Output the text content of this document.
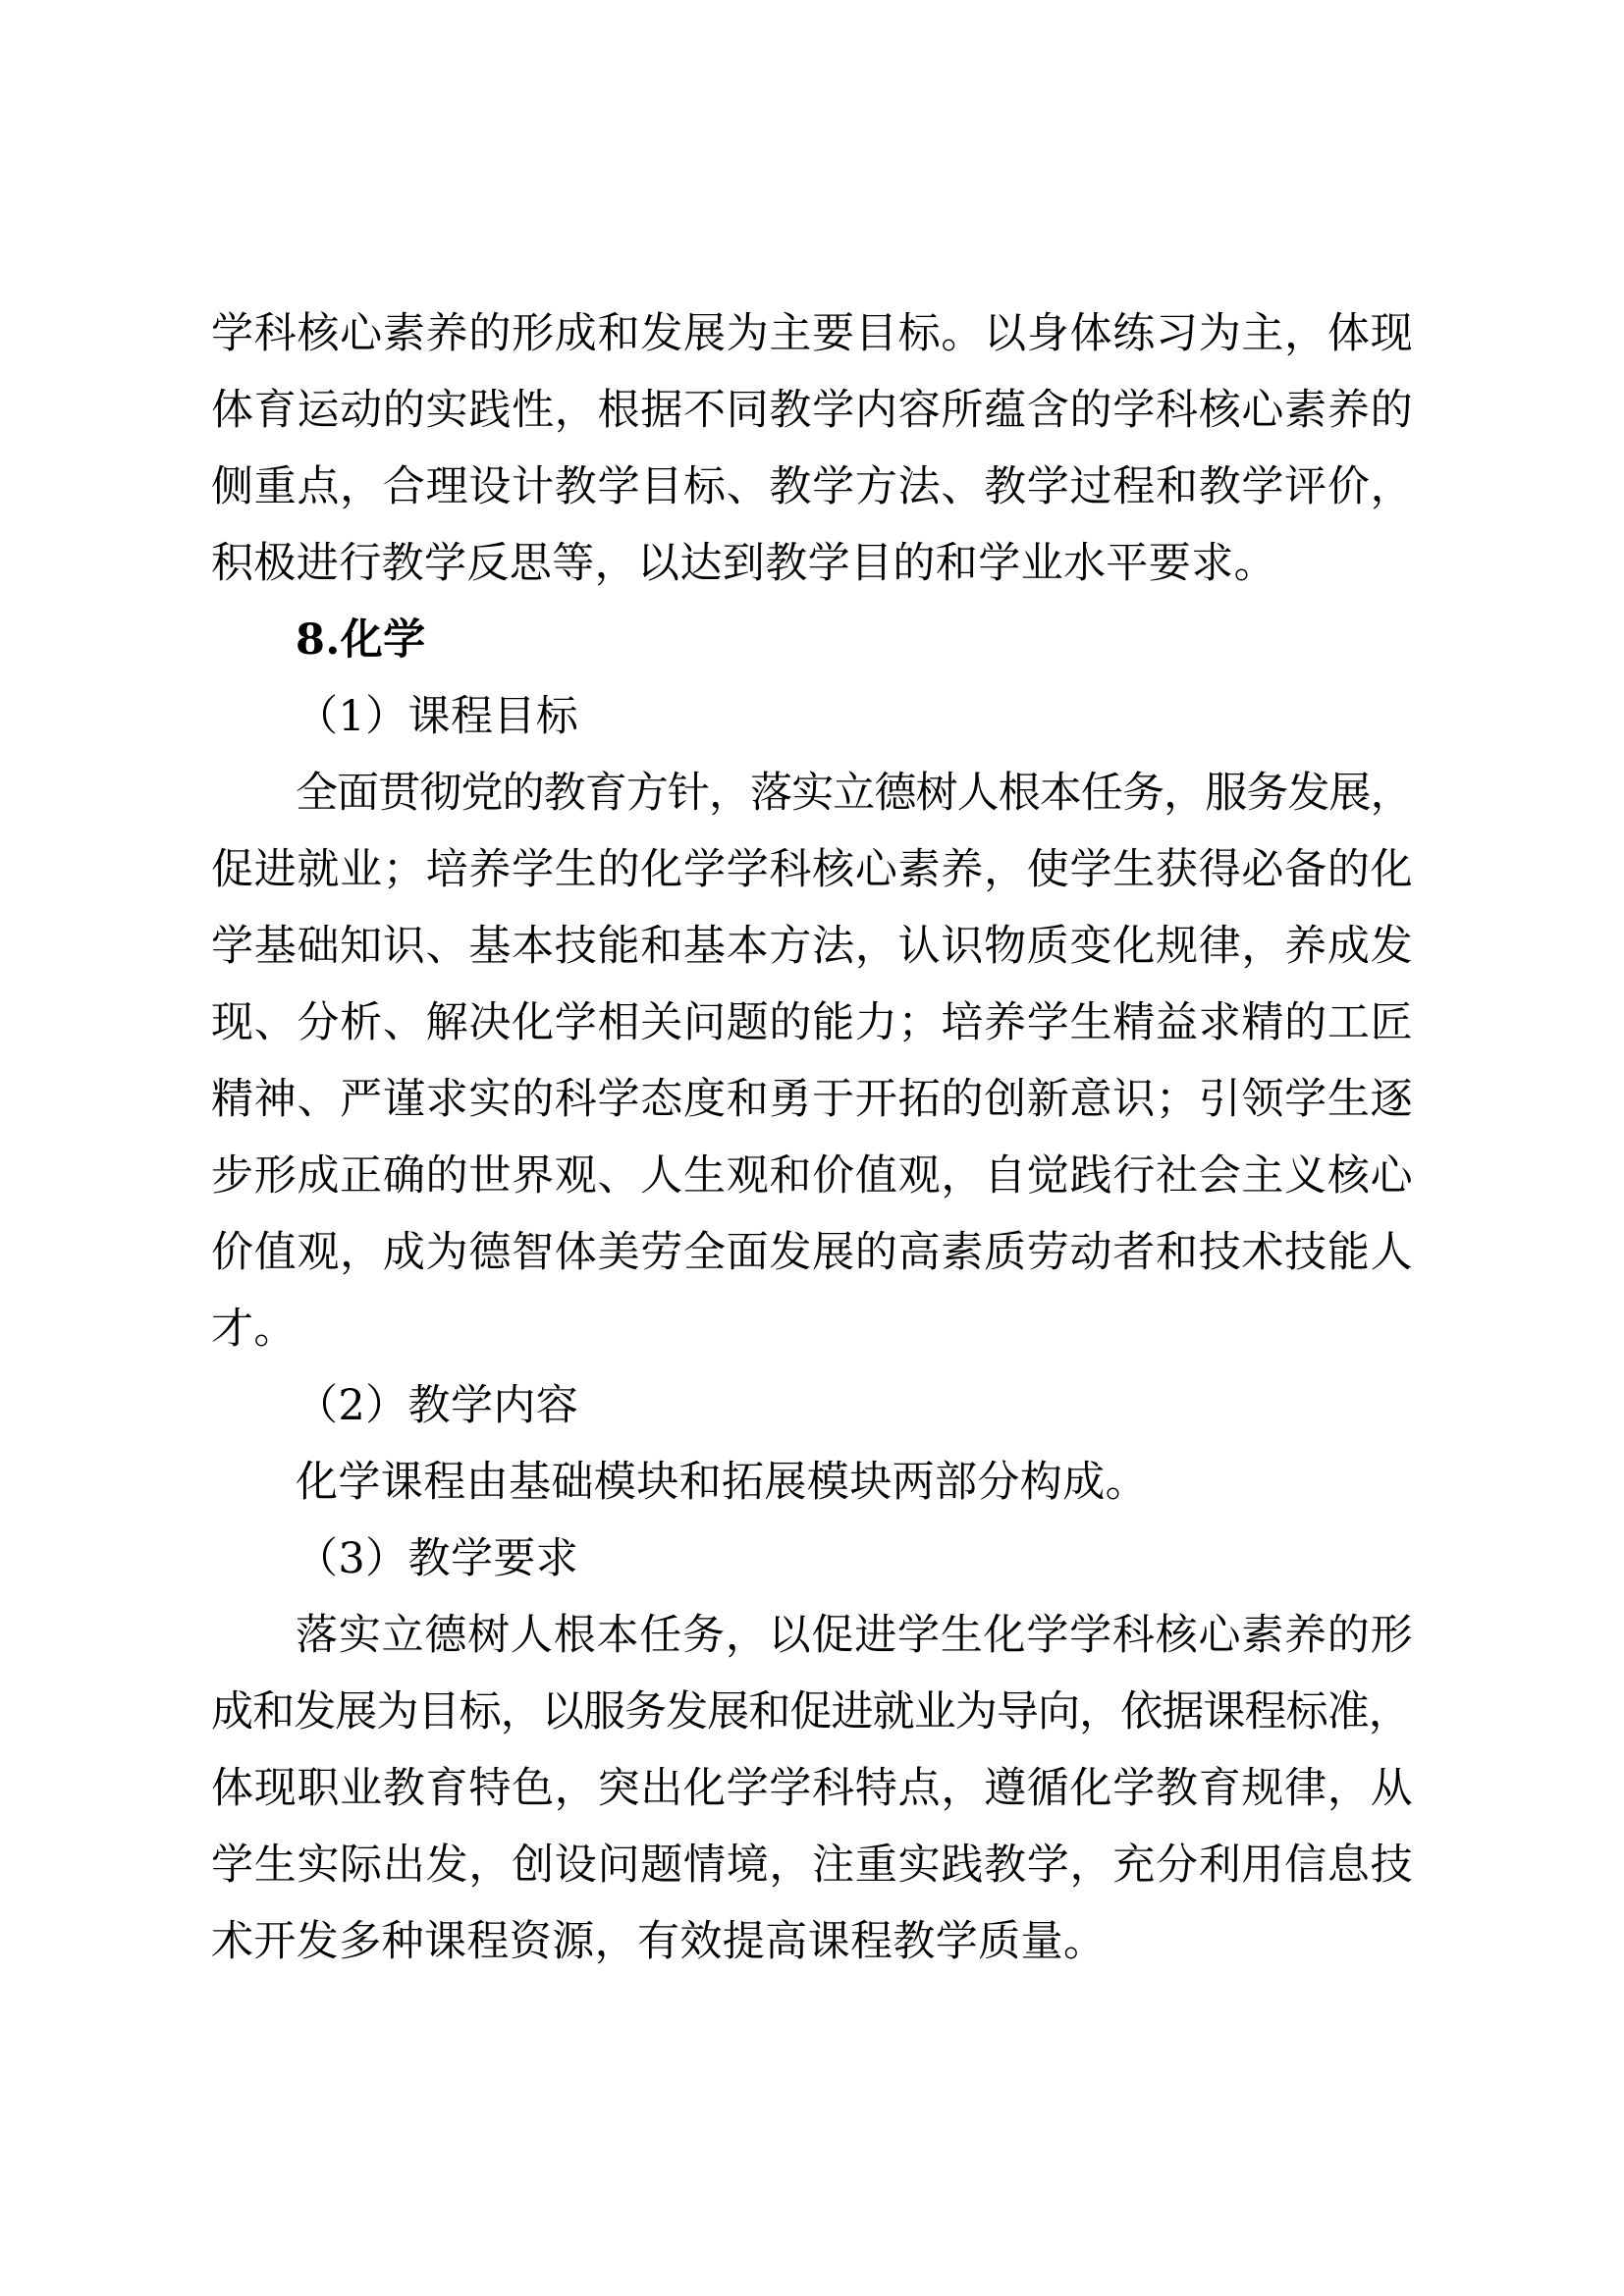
学科核心素养的形成和发展为主要目标。以身体练习为主，体现
体育运动的实践性，根据不同教学内容所蕴含的学科核心素养的
侧重点，合理设计教学目标、教学方法、教学过程和教学评价，
积极进行教学反思等，以达到教学目的和学业水平要求。
8.化学
（1）课程目标
全面贯彻党的教育方针，落实立德树人根本任务，服务发展，
促进就业；培养学生的化学学科核心素养，使学生获得必备的化
学基础知识、基本技能和基本方法，认识物质变化规律，养成发
现、分析、解决化学相关问题的能力；培养学生精益求精的工匠
精神、严谨求实的科学态度和勇于开拓的创新意识；引领学生逐
步形成正确的世界观、人生观和价值观，自觉践行社会主义核心
价值观，成为德智体美劳全面发展的高素质劳动者和技术技能人
才。
（2）教学内容
化学课程由基础模块和拓展模块两部分构成。
（3）教学要求
落实立德树人根本任务，以促进学生化学学科核心素养的形
成和发展为目标，以服务发展和促进就业为导向，依据课程标准，
体现职业教育特色，突出化学学科特点，遵循化学教育规律，从
学生实际出发，创设问题情境，注重实践教学，充分利用信息技
术开发多种课程资源，有效提高课程教学质量。
